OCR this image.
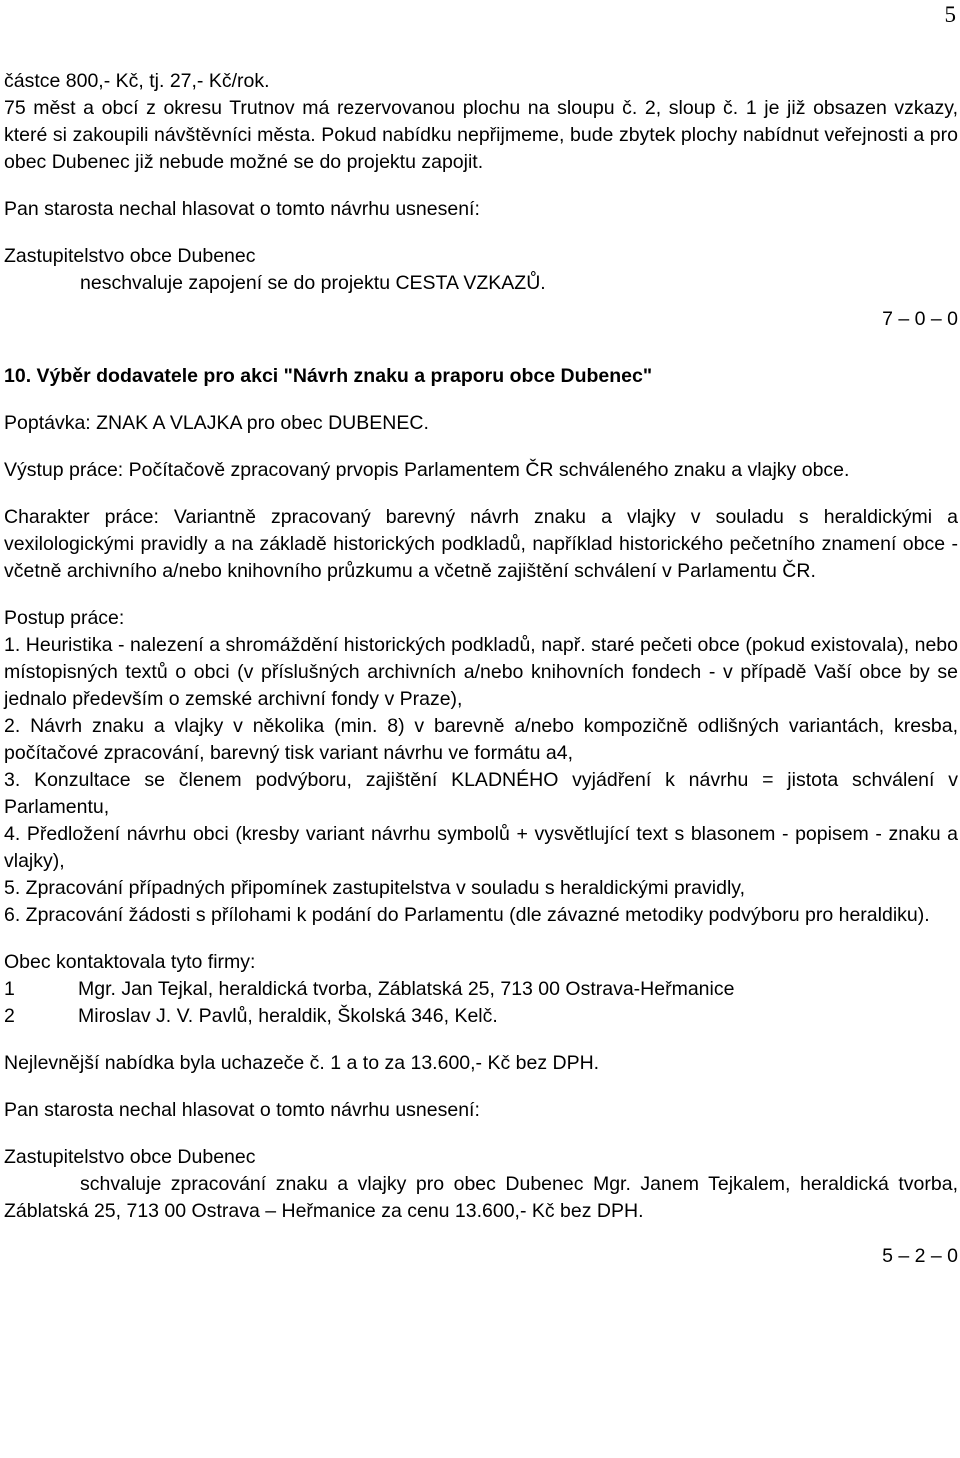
5

částce 800,- Kč, tj. 27,- Kč/rok.

75 měst a obcí z okresu Trutnov má rezervovanou plochu na sloupu č. 2, sloup č. 1 je již obsazen vzkazy, které si zakoupili návštěvníci města. Pokud nabídku nepřijmeme, bude zbytek plochy nabídnut veřejnosti a pro obec Dubenec již nebude možné se do projektu zapojit.

Pan starosta nechal hlasovat o tomto návrhu usnesení:

Zastupitelstvo obce Dubenec

neschvaluje zapojení se do projektu CESTA VZKAZŮ.

7 – 0 – 0

10. Výběr dodavatele pro akci "Návrh znaku a praporu obce Dubenec"

Poptávka: ZNAK A VLAJKA pro obec DUBENEC.

Výstup práce: Počítačově zpracovaný prvopis Parlamentem ČR schváleného znaku a vlajky obce.

Charakter práce: Variantně zpracovaný barevný návrh znaku a vlajky v souladu s heraldickými a vexilologickými pravidly a na základě historických podkladů, například historického pečetního znamení obce - včetně archivního a/nebo knihovního průzkumu a včetně zajištění schválení v Parlamentu ČR.

Postup práce:

1. Heuristika - nalezení a shromáždění historických podkladů, např. staré pečeti obce (pokud existovala), nebo místopisných textů o obci (v příslušných archivních a/nebo knihovních fondech - v případě Vaší obce by se jednalo především o zemské archivní fondy v Praze),

2. Návrh znaku a vlajky v několika (min. 8) v barevně a/nebo kompozičně odlišných variantách, kresba, počítačové zpracování, barevný tisk variant návrhu ve formátu a4,

3. Konzultace se členem podvýboru, zajištění KLADNÉHO vyjádření k návrhu = jistota schválení v Parlamentu,

4. Předložení návrhu obci (kresby variant návrhu symbolů + vysvětlující text s blasonem - popisem - znaku a vlajky),

5. Zpracování případných připomínek zastupitelstva v souladu s heraldickými pravidly,

6. Zpracování žádosti s přílohami k podání do Parlamentu (dle závazné metodiky podvýboru pro heraldiku).

Obec kontaktovala tyto firmy:

1	Mgr. Jan Tejkal, heraldická tvorba, Záblatská 25, 713 00 Ostrava-Heřmanice
2	Miroslav J. V. Pavlů, heraldik, Školská 346, Kelč.

Nejlevnější nabídka byla uchazeče č. 1 a to za 13.600,- Kč bez DPH.

Pan starosta nechal hlasovat o tomto návrhu usnesení:

Zastupitelstvo obce Dubenec

schvaluje zpracování znaku a vlajky pro obec Dubenec Mgr. Janem Tejkalem, heraldická tvorba, Záblatská 25, 713 00 Ostrava – Heřmanice za cenu 13.600,- Kč bez DPH.

5 – 2 – 0
